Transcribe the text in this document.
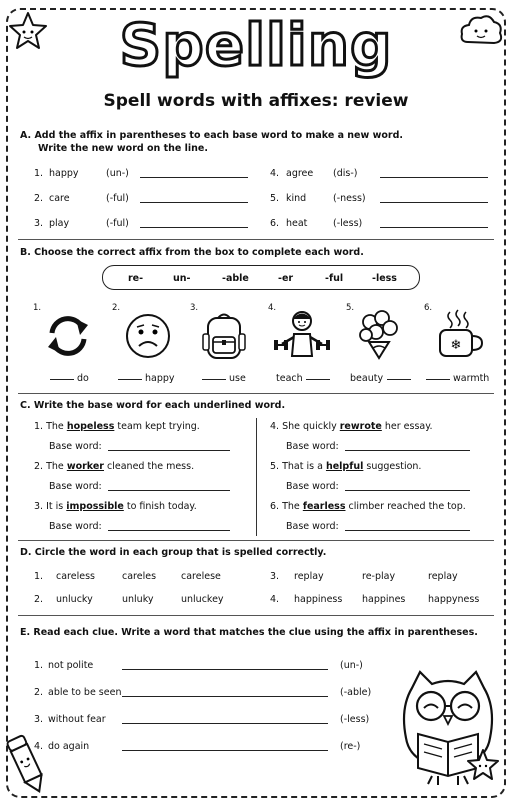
Spelling
Spell words with affixes: review
A. Add the affix in parentheses to each base word to make a new word.
Write the new word on the line.
1. happy	(un-)
2. care	(-ful)
3. play	(-ful)
4. agree (dis-)
5. kind	(-ness)
6. heat	(-less)
B. Choose the correct affix from the box to complete each word.
re-	un-	-able	-er	-ful	-less
1.	2.	3.	4.	5.	6.
❄
do	happy	use	teach	beauty	warmth
C. Write the base word for each underlined word.
1. The hopeless team kept trying.
Base word:
2. The worker cleaned the mess.
Base word:
3. It is impossible to finish today.
Base word:
4. She quickly rewrote her essay.
Base word:
5. That is a helpful suggestion.
Base word:
6. The fearless climber reached the top.
Base word:
D. Circle the word in each group that is spelled correctly.
1. careless	careles	carelese	3. replay	re-play	replay
2. unlucky	unluky	unluckey	4. happiness happines happyness
E. Read each clue. Write a word that matches the clue using the affix in parentheses.
1. not polite	(un-)
2. able to be seen	(-able)
3. without fear	(-less)
4. do again	(re-)
